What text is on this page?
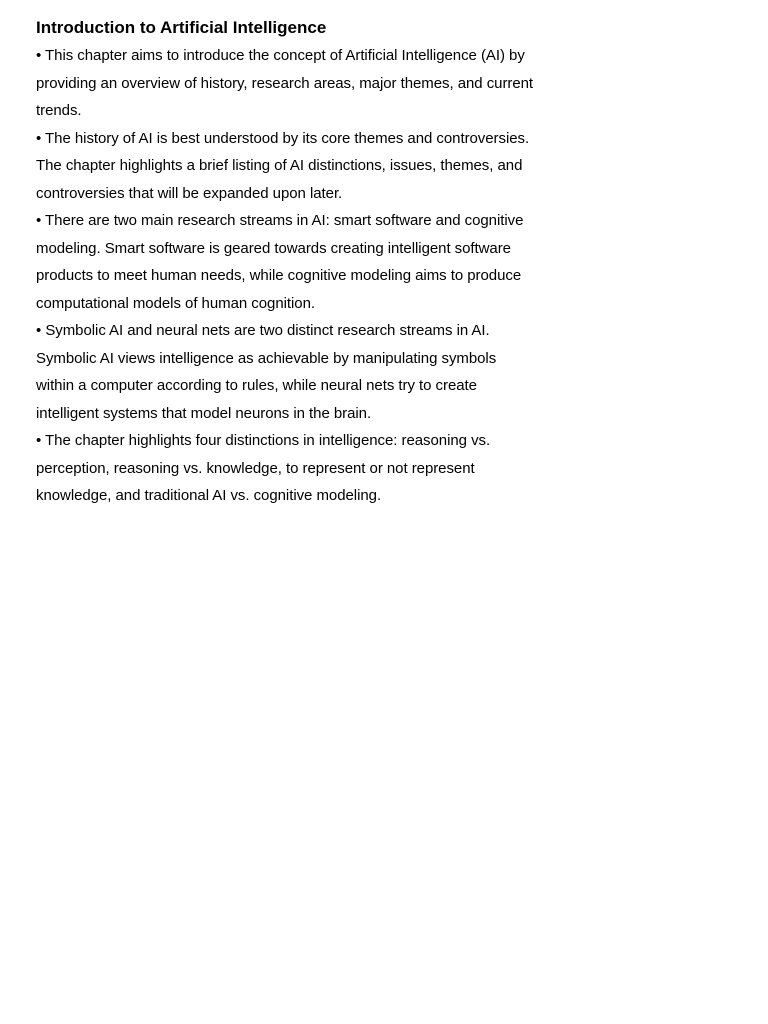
Introduction to Artificial Intelligence
• This chapter aims to introduce the concept of Artificial Intelligence (AI) by
providing an overview of history, research areas, major themes, and current
trends.
• The history of AI is best understood by its core themes and controversies.
The chapter highlights a brief listing of AI distinctions, issues, themes, and
controversies that will be expanded upon later.
• There are two main research streams in AI: smart software and cognitive
modeling. Smart software is geared towards creating intelligent software
products to meet human needs, while cognitive modeling aims to produce
computational models of human cognition.
• Symbolic AI and neural nets are two distinct research streams in AI.
Symbolic AI views intelligence as achievable by manipulating symbols
within a computer according to rules, while neural nets try to create
intelligent systems that model neurons in the brain.
• The chapter highlights four distinctions in intelligence: reasoning vs.
perception, reasoning vs. knowledge, to represent or not represent
knowledge, and traditional AI vs. cognitive modeling.
